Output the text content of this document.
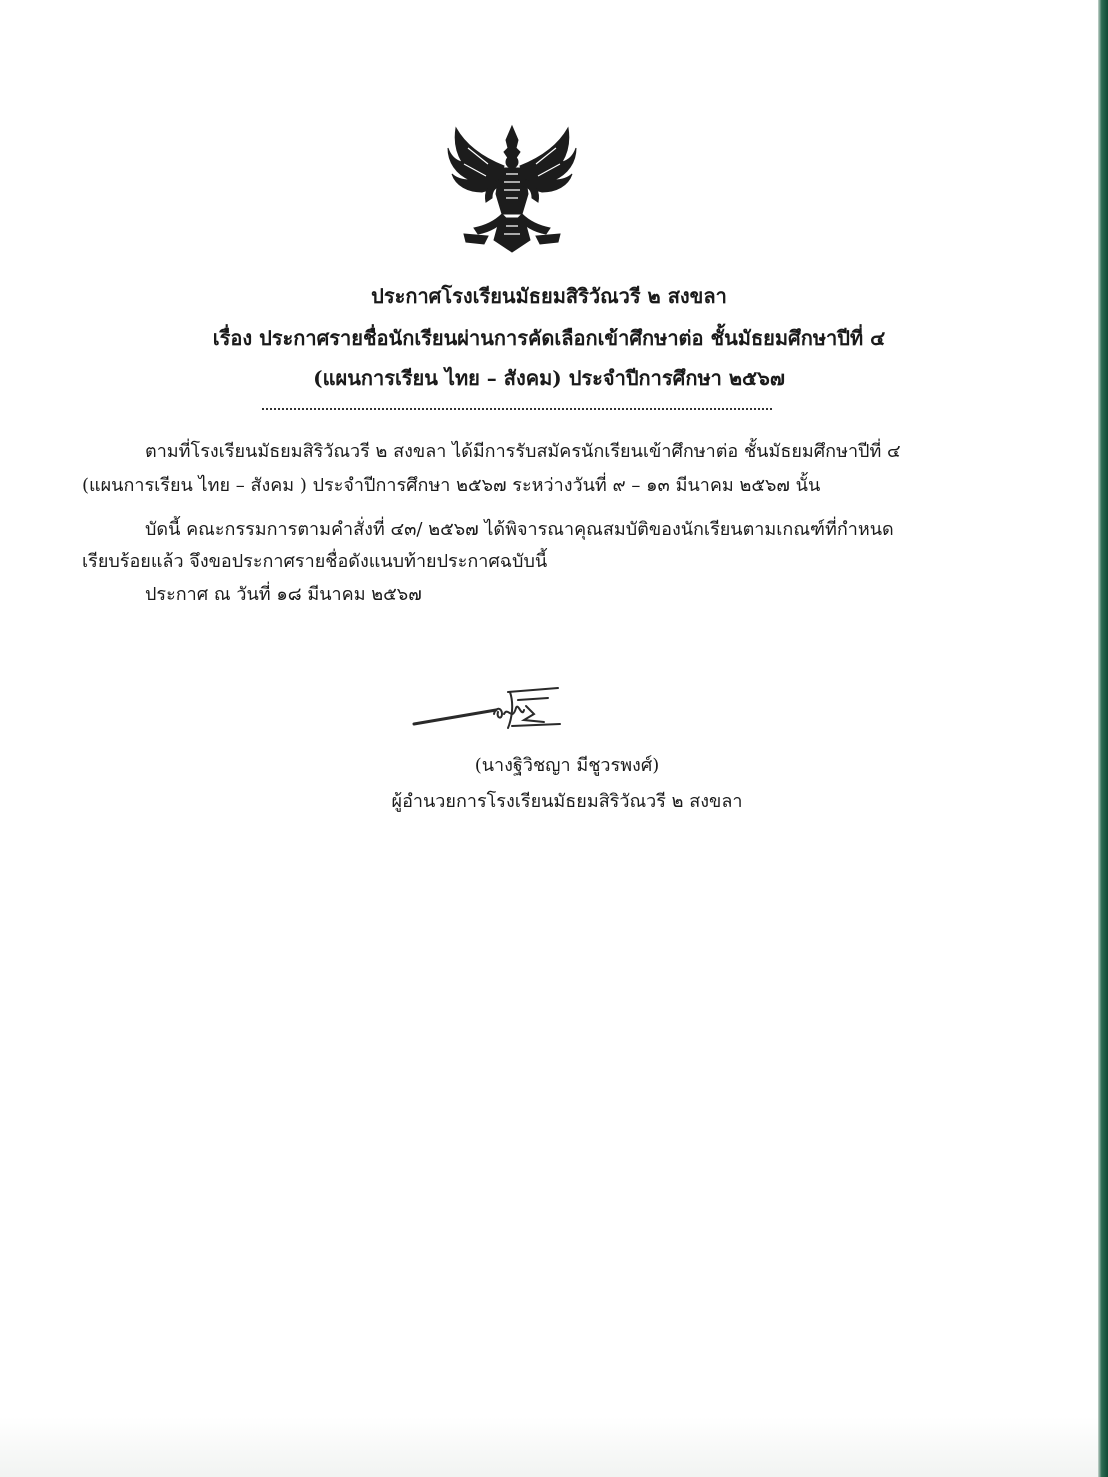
ประกาศโรงเรียนมัธยมสิริวัณวรี ๒ สงขลา
เรื่อง ประกาศรายชื่อนักเรียนผ่านการคัดเลือกเข้าศึกษาต่อ ชั้นมัธยมศึกษาปีที่ ๔
(แผนการเรียน ไทย – สังคม) ประจำปีการศึกษา ๒๕๖๗
ตามที่โรงเรียนมัธยมสิริวัณวรี ๒ สงขลา ได้มีการรับสมัครนักเรียนเข้าศึกษาต่อ ชั้นมัธยมศึกษาปีที่ ๔
(แผนการเรียน ไทย – สังคม ) ประจำปีการศึกษา ๒๕๖๗ ระหว่างวันที่ ๙ – ๑๓ มีนาคม ๒๕๖๗ นั้น
บัดนี้ คณะกรรมการตามคำสั่งที่ ๔๓/ ๒๕๖๗ ได้พิจารณาคุณสมบัติของนักเรียนตามเกณฑ์ที่กำหนด
เรียบร้อยแล้ว จึงขอประกาศรายชื่อดังแนบท้ายประกาศฉบับนี้
ประกาศ ณ วันที่ ๑๘ มีนาคม ๒๕๖๗
(นางฐิวิชญา มีชูวรพงศ์)
ผู้อำนวยการโรงเรียนมัธยมสิริวัณวรี ๒ สงขลา
